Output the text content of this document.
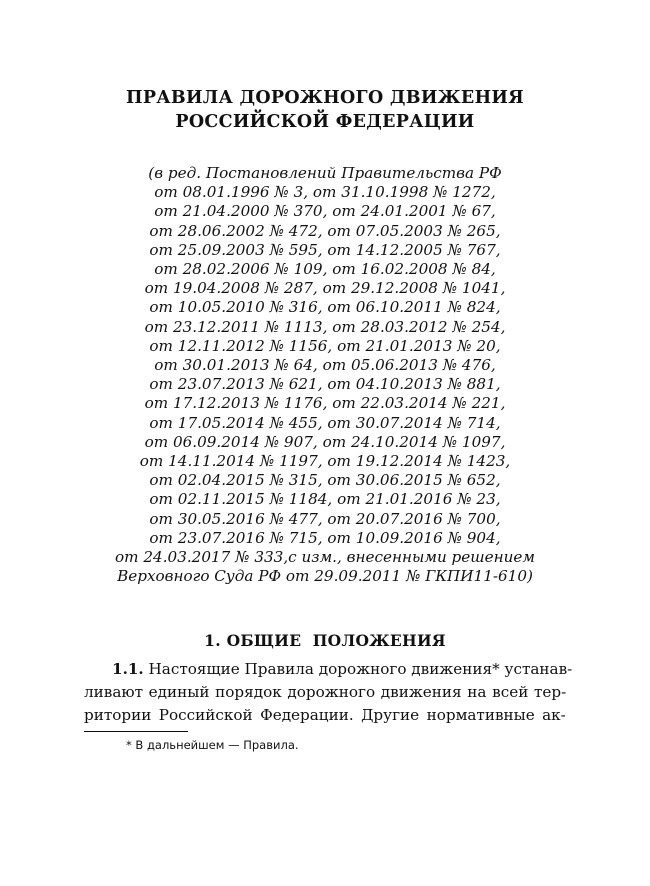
ПРАВИЛА ДОРОЖНОГО ДВИЖЕНИЯ
РОССИЙСКОЙ ФЕДЕРАЦИИ
(в ред. Постановлений Правительства РФ
от 08.01.1996 № 3, от 31.10.1998 № 1272,
от 21.04.2000 № 370, от 24.01.2001 № 67,
от 28.06.2002 № 472, от 07.05.2003 № 265,
от 25.09.2003 № 595, от 14.12.2005 № 767,
от 28.02.2006 № 109, от 16.02.2008 № 84,
от 19.04.2008 № 287, от 29.12.2008 № 1041,
от 10.05.2010 № 316, от 06.10.2011 № 824,
от 23.12.2011 № 1113, от 28.03.2012 № 254,
от 12.11.2012 № 1156, от 21.01.2013 № 20,
от 30.01.2013 № 64, от 05.06.2013 № 476,
от 23.07.2013 № 621, от 04.10.2013 № 881,
от 17.12.2013 № 1176, от 22.03.2014 № 221,
от 17.05.2014 № 455, от 30.07.2014 № 714,
от 06.09.2014 № 907, от 24.10.2014 № 1097,
от 14.11.2014 № 1197, от 19.12.2014 № 1423,
от 02.04.2015 № 315, от 30.06.2015 № 652,
от 02.11.2015 № 1184, от 21.01.2016 № 23,
от 30.05.2016 № 477, от 20.07.2016 № 700,
от 23.07.2016 № 715, от 10.09.2016 № 904,
от 24.03.2017 № 333,с изм., внесенными решением
Верховного Суда РФ от 29.09.2011 № ГКПИ11-610)
1. ОБЩИЕ  ПОЛОЖЕНИЯ
1.1. Настоящие Правила дорожного движения* устанав-
ливают единый порядок дорожного движения на всей тер-
ритории Российской Федерации. Другие нормативные ак-
* В дальнейшем — Правила.
